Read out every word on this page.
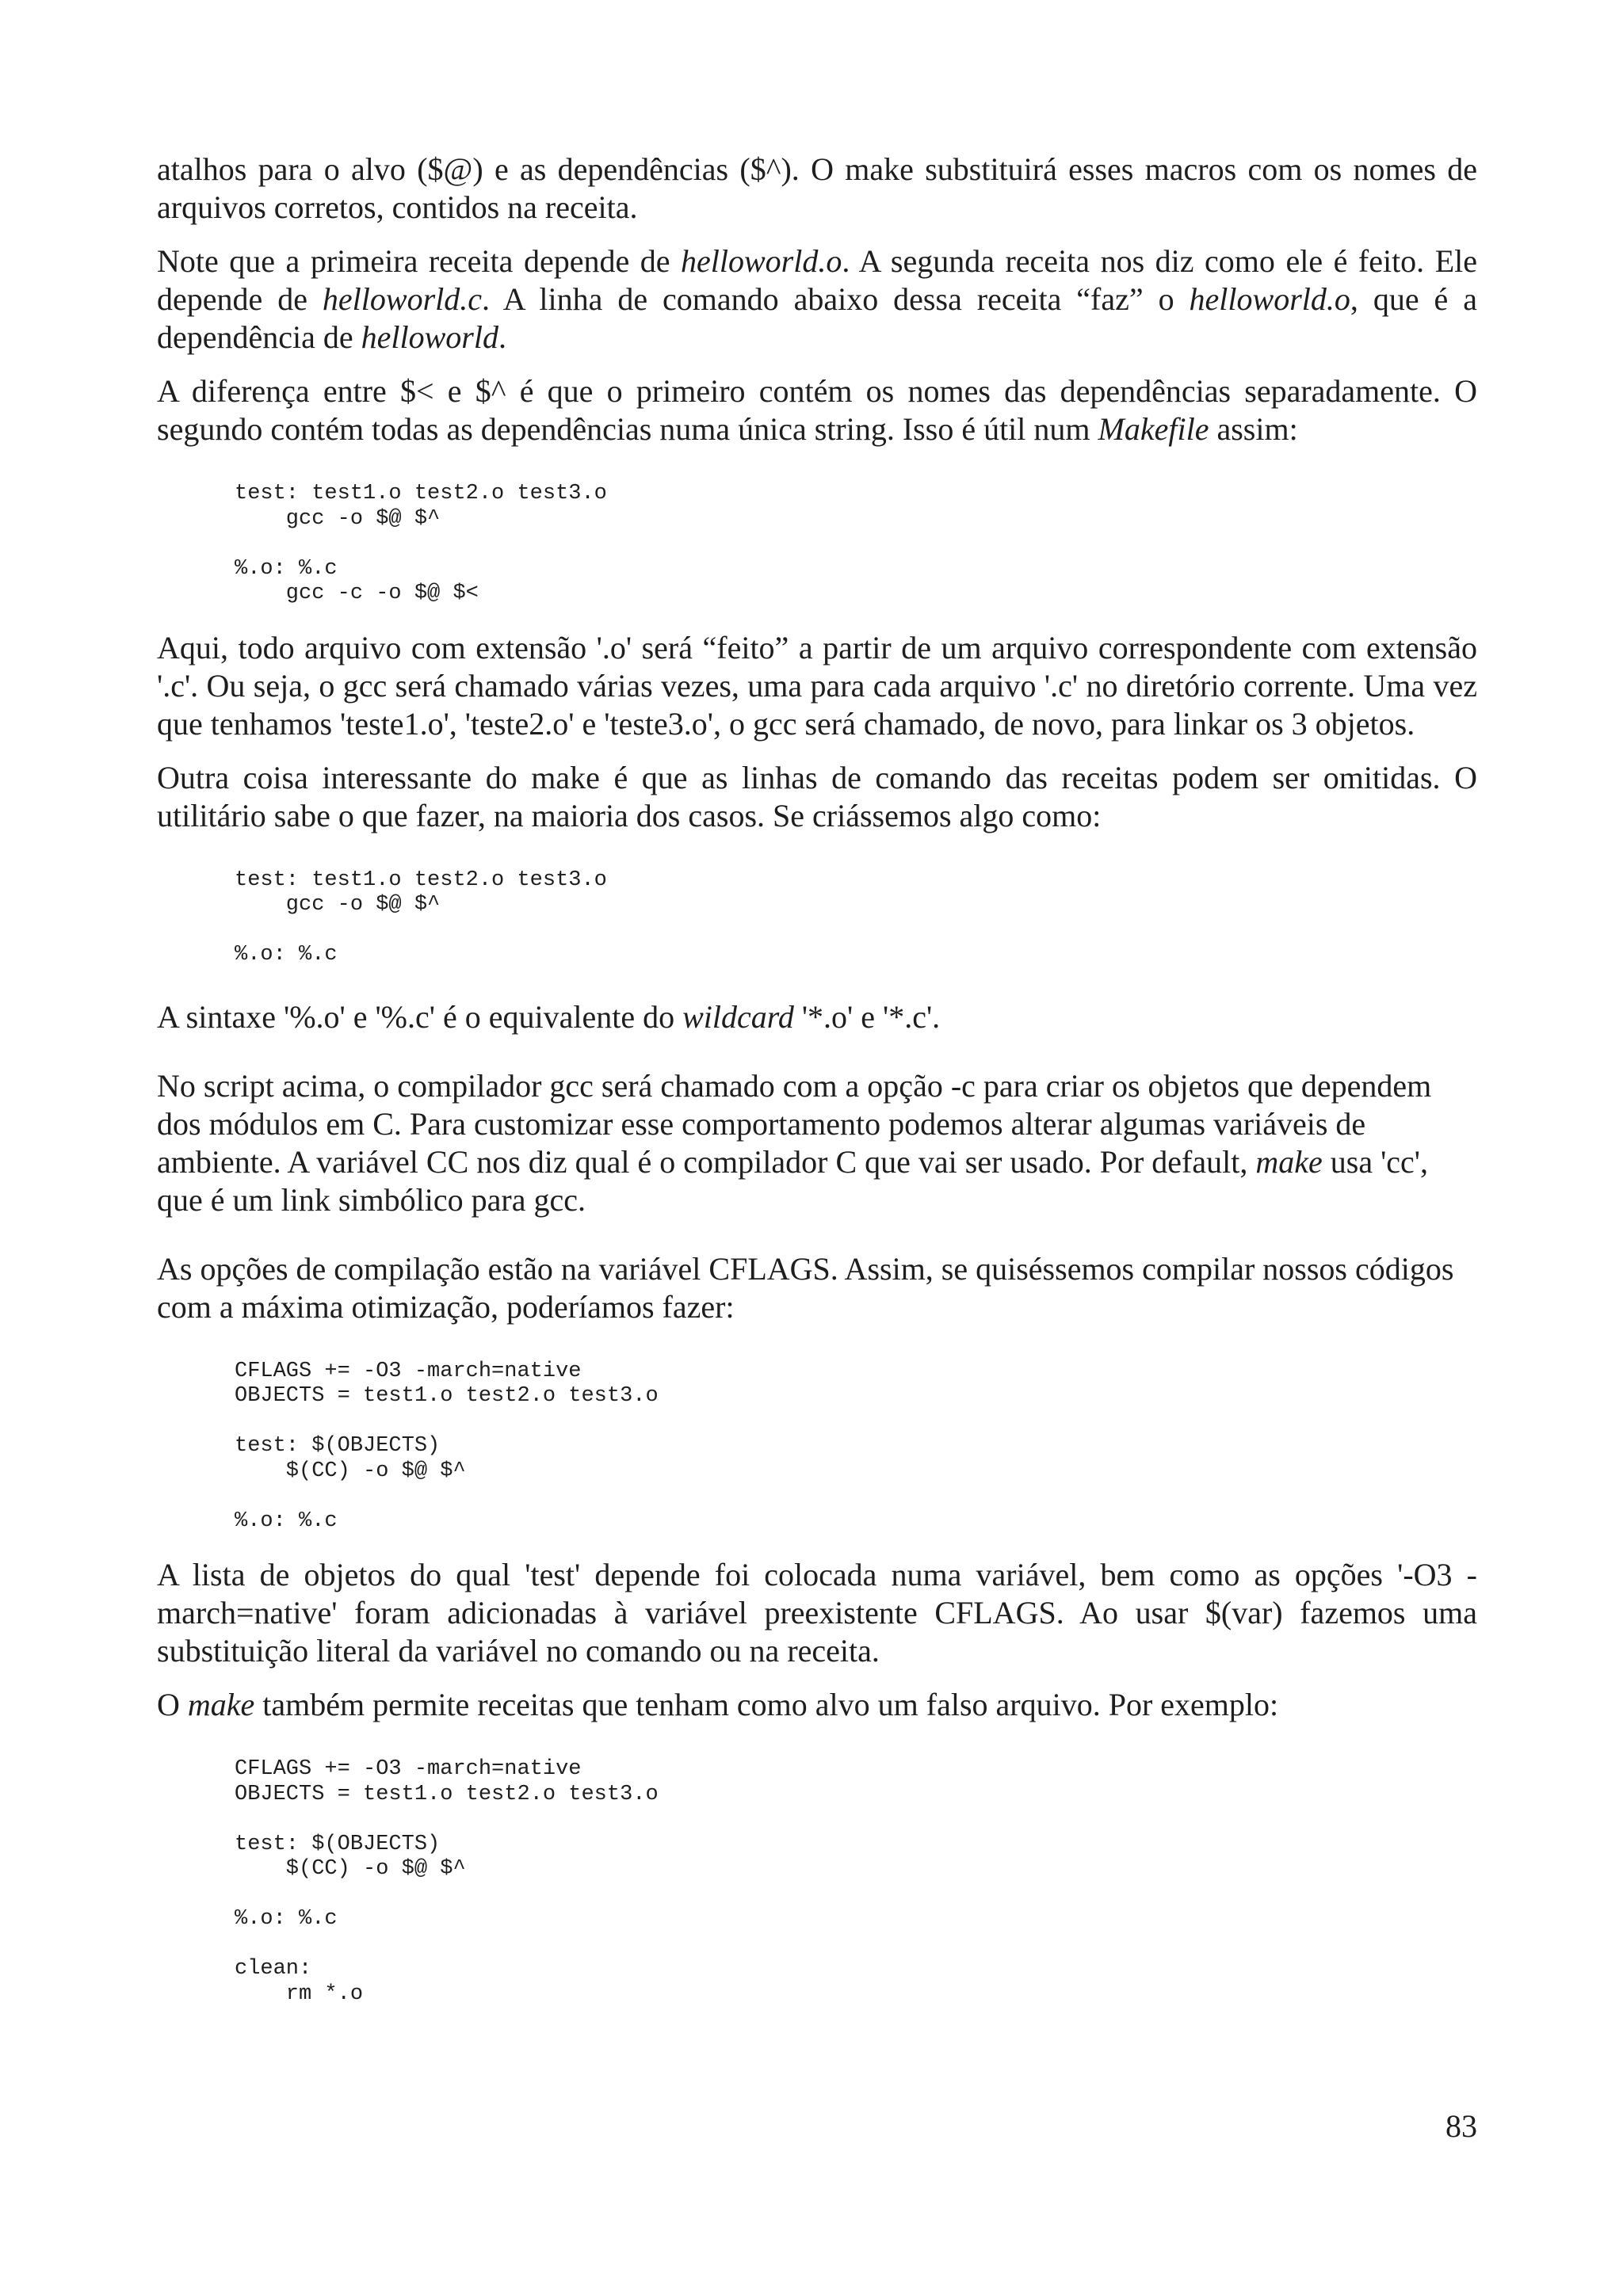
atalhos para o alvo ($@) e as dependências ($^). O make substituirá esses macros com os nomes de arquivos corretos, contidos na receita.

Note que a primeira receita depende de helloworld.o. A segunda receita nos diz como ele é feito. Ele depende de helloworld.c. A linha de comando abaixo dessa receita “faz” o helloworld.o, que é a dependência de helloworld.

A diferença entre $< e $^ é que o primeiro contém os nomes das dependências separadamente. O segundo contém todas as dependências numa única string. Isso é útil num Makefile assim:

test: test1.o test2.o test3.o
gcc -o $@ $^

%.o: %.c
gcc -c -o $@ $<

Aqui, todo arquivo com extensão '.o' será “feito” a partir de um arquivo correspondente com extensão '.c'. Ou seja, o gcc será chamado várias vezes, uma para cada arquivo '.c' no diretório corrente. Uma vez que tenhamos 'teste1.o', 'teste2.o' e 'teste3.o', o gcc será chamado, de novo, para linkar os 3 objetos.

Outra coisa interessante do make é que as linhas de comando das receitas podem ser omitidas. O utilitário sabe o que fazer, na maioria dos casos. Se criássemos algo como:

test: test1.o test2.o test3.o
gcc -o $@ $^

%.o: %.c

A sintaxe '%.o' e '%.c' é o equivalente do wildcard '*.o' e '*.c'.

No script acima, o compilador gcc será chamado com a opção -c para criar os objetos que dependem dos módulos em C. Para customizar esse comportamento podemos alterar algumas variáveis de ambiente. A variável CC nos diz qual é o compilador C que vai ser usado. Por default, make usa 'cc', que é um link simbólico para gcc.

As opções de compilação estão na variável CFLAGS. Assim, se quiséssemos compilar nossos códigos com a máxima otimização, poderíamos fazer:

CFLAGS += -O3 -march=native
OBJECTS = test1.o test2.o test3.o

test: $(OBJECTS)
$(CC) -o $@ $^

%.o: %.c

A lista de objetos do qual 'test' depende foi colocada numa variável, bem como as opções '-O3 -march=native' foram adicionadas à variável preexistente CFLAGS. Ao usar $(var) fazemos uma substituição literal da variável no comando ou na receita.

O make também permite receitas que tenham como alvo um falso arquivo. Por exemplo:

CFLAGS += -O3 -march=native
OBJECTS = test1.o test2.o test3.o

test: $(OBJECTS)
$(CC) -o $@ $^

%.o: %.c

clean:
rm *.o
83
